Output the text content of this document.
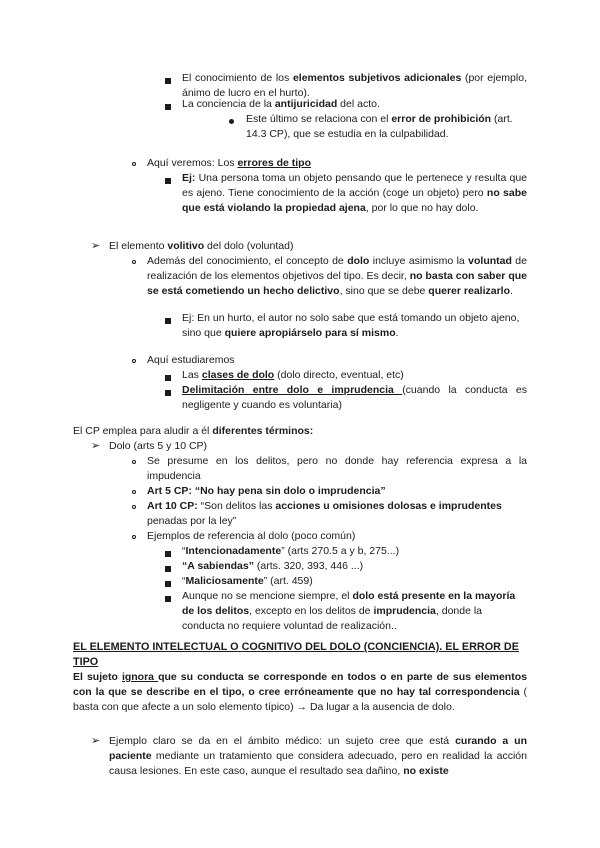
El conocimiento de los elementos subjetivos adicionales (por ejemplo, ánimo de lucro en el hurto).
La conciencia de la antijuricidad del acto.
Este último se relaciona con el error de prohibición (art. 14.3 CP), que se estudia en la culpabilidad.
Aquí veremos: Los errores de tipo
Ej: Una persona toma un objeto pensando que le pertenece y resulta que es ajeno. Tiene conocimiento de la acción (coge un objeto) pero no sabe que está violando la propiedad ajena, por lo que no hay dolo.
➢ El elemento volitivo del dolo (voluntad)
Además del conocimiento, el concepto de dolo incluye asimismo la voluntad de realización de los elementos objetivos del tipo. Es decir, no basta con saber que se está cometiendo un hecho delictivo, sino que se debe querer realizarlo.
Ej: En un hurto, el autor no solo sabe que está tomando un objeto ajeno, sino que quiere apropiárselo para sí mismo.
Aquí estudiaremos
Las clases de dolo (dolo directo, eventual, etc)
Delimitación entre dolo e imprudencia (cuando la conducta es negligente y cuando es voluntaria)
El CP emplea para aludir a él diferentes términos:
➢ Dolo (arts 5 y 10 CP)
Se presume en los delitos, pero no donde hay referencia expresa a la impudencia
Art 5 CP: “No hay pena sin dolo o imprudencia”
Art 10 CP: “Son delitos las acciones u omisiones dolosas e imprudentes penadas por la ley”
Ejemplos de referencia al dolo (poco común)
“Intencionadamente” (arts 270.5 a y b, 275...)
“A sabiendas” (arts. 320, 393, 446 ...)
“Maliciosamente” (art. 459)
Aunque no se mencione siempre, el dolo está presente en la mayoría de los delitos, excepto en los delitos de imprudencia, donde la conducta no requiere voluntad de realización..
EL ELEMENTO INTELECTUAL O COGNITIVO DEL DOLO (CONCIENCIA). EL ERROR DE TIPO
El sujeto ignora que su conducta se corresponde en todos o en parte de sus elementos con la que se describe en el tipo, o cree erróneamente que no hay tal correspondencia ( basta con que afecte a un solo elemento típico) → Da lugar a la ausencia de dolo.
➢ Ejemplo claro se da en el ámbito médico: un sujeto cree que está curando a un paciente mediante un tratamiento que considera adecuado, pero en realidad la acción causa lesiones. En este caso, aunque el resultado sea dañino, no existe
